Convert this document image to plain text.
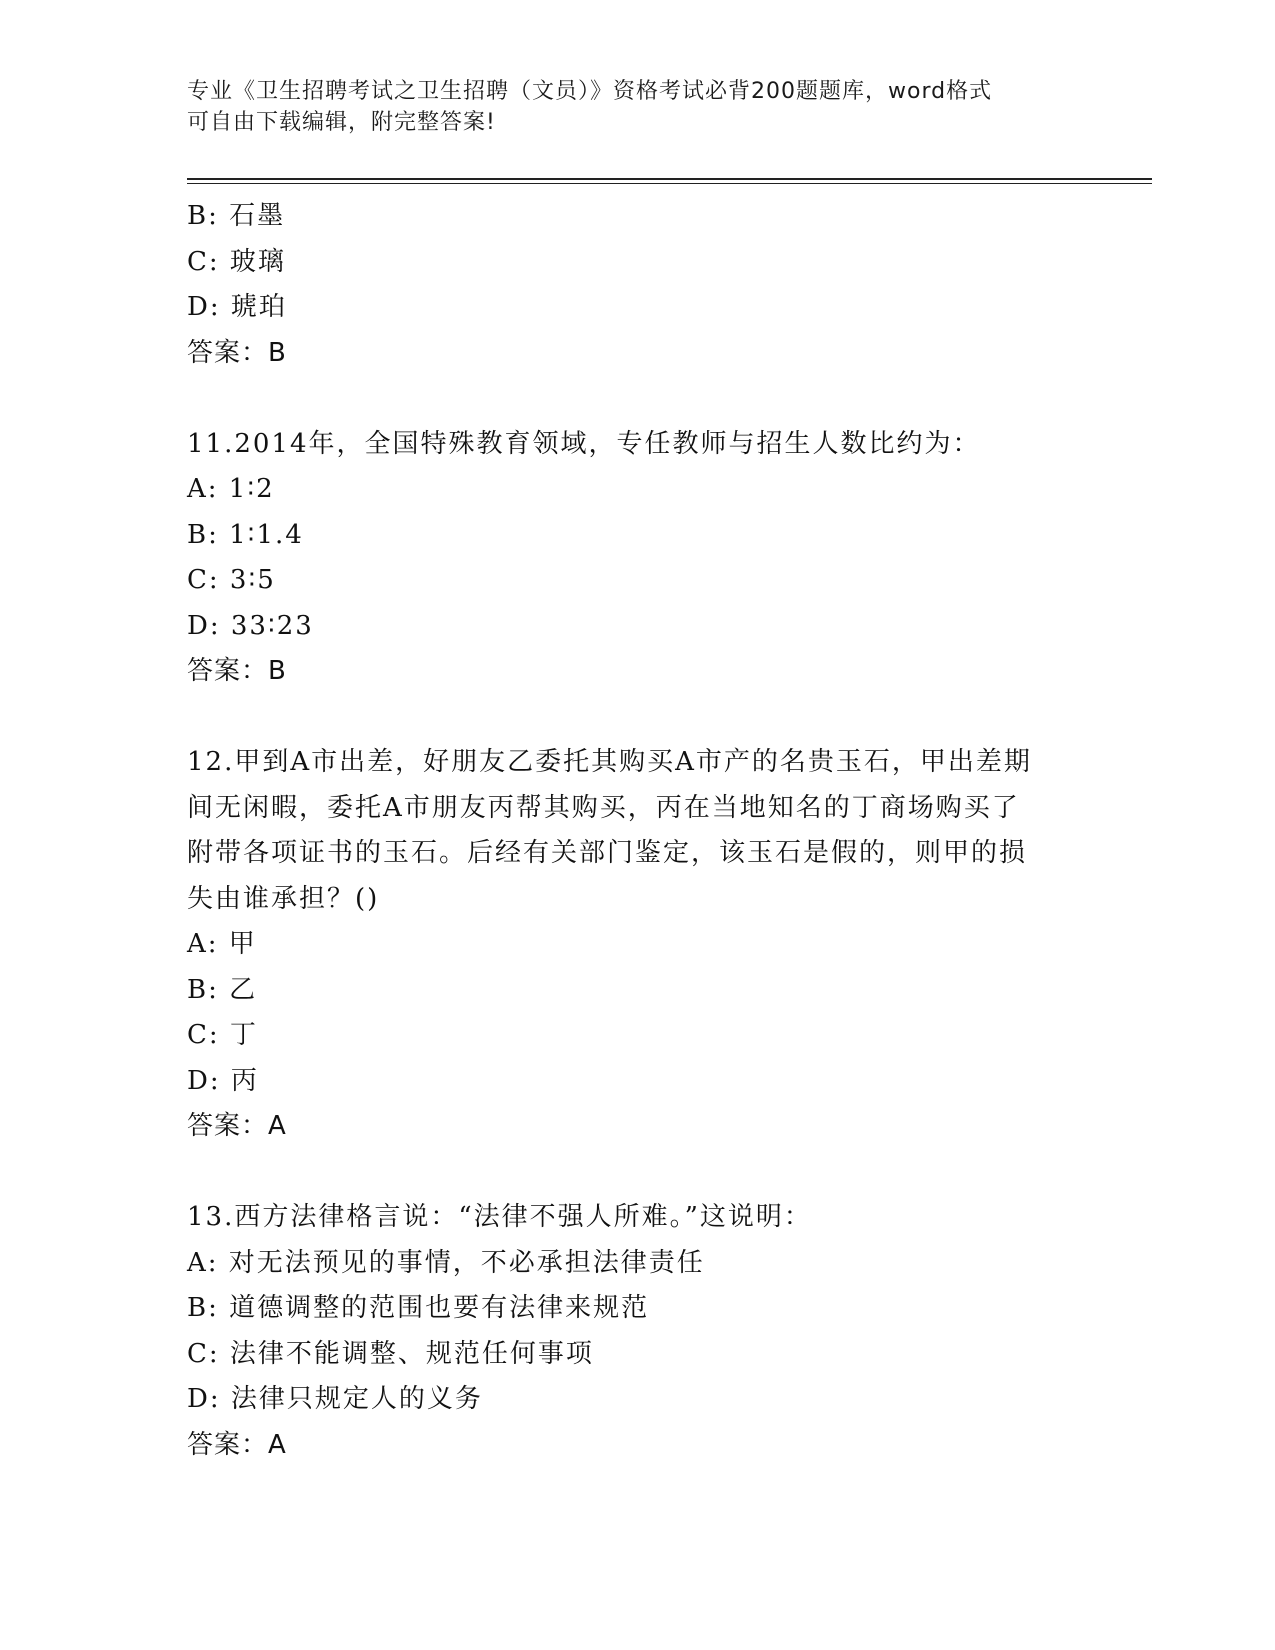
专业《卫生招聘考试之卫生招聘（文员）》资格考试必背200题题库，word格式
可自由下载编辑，附完整答案!
B: 石墨
C: 玻璃
D: 琥珀
答案：B
11.2014年，全国特殊教育领域，专任教师与招生人数比约为：
A: 1∶2
B: 1∶1.4
C: 3∶5
D: 33∶23
答案：B
12.甲到A市出差，好朋友乙委托其购买A市产的名贵玉石，甲出差期
间无闲暇，委托A市朋友丙帮其购买，丙在当地知名的丁商场购买了
附带各项证书的玉石。后经有关部门鉴定，该玉石是假的，则甲的损
失由谁承担？()
A: 甲
B: 乙
C: 丁
D: 丙
答案：A
13.西方法律格言说：“法律不强人所难。”这说明：
A: 对无法预见的事情，不必承担法律责任
B: 道德调整的范围也要有法律来规范
C: 法律不能调整、规范任何事项
D: 法律只规定人的义务
答案：A
